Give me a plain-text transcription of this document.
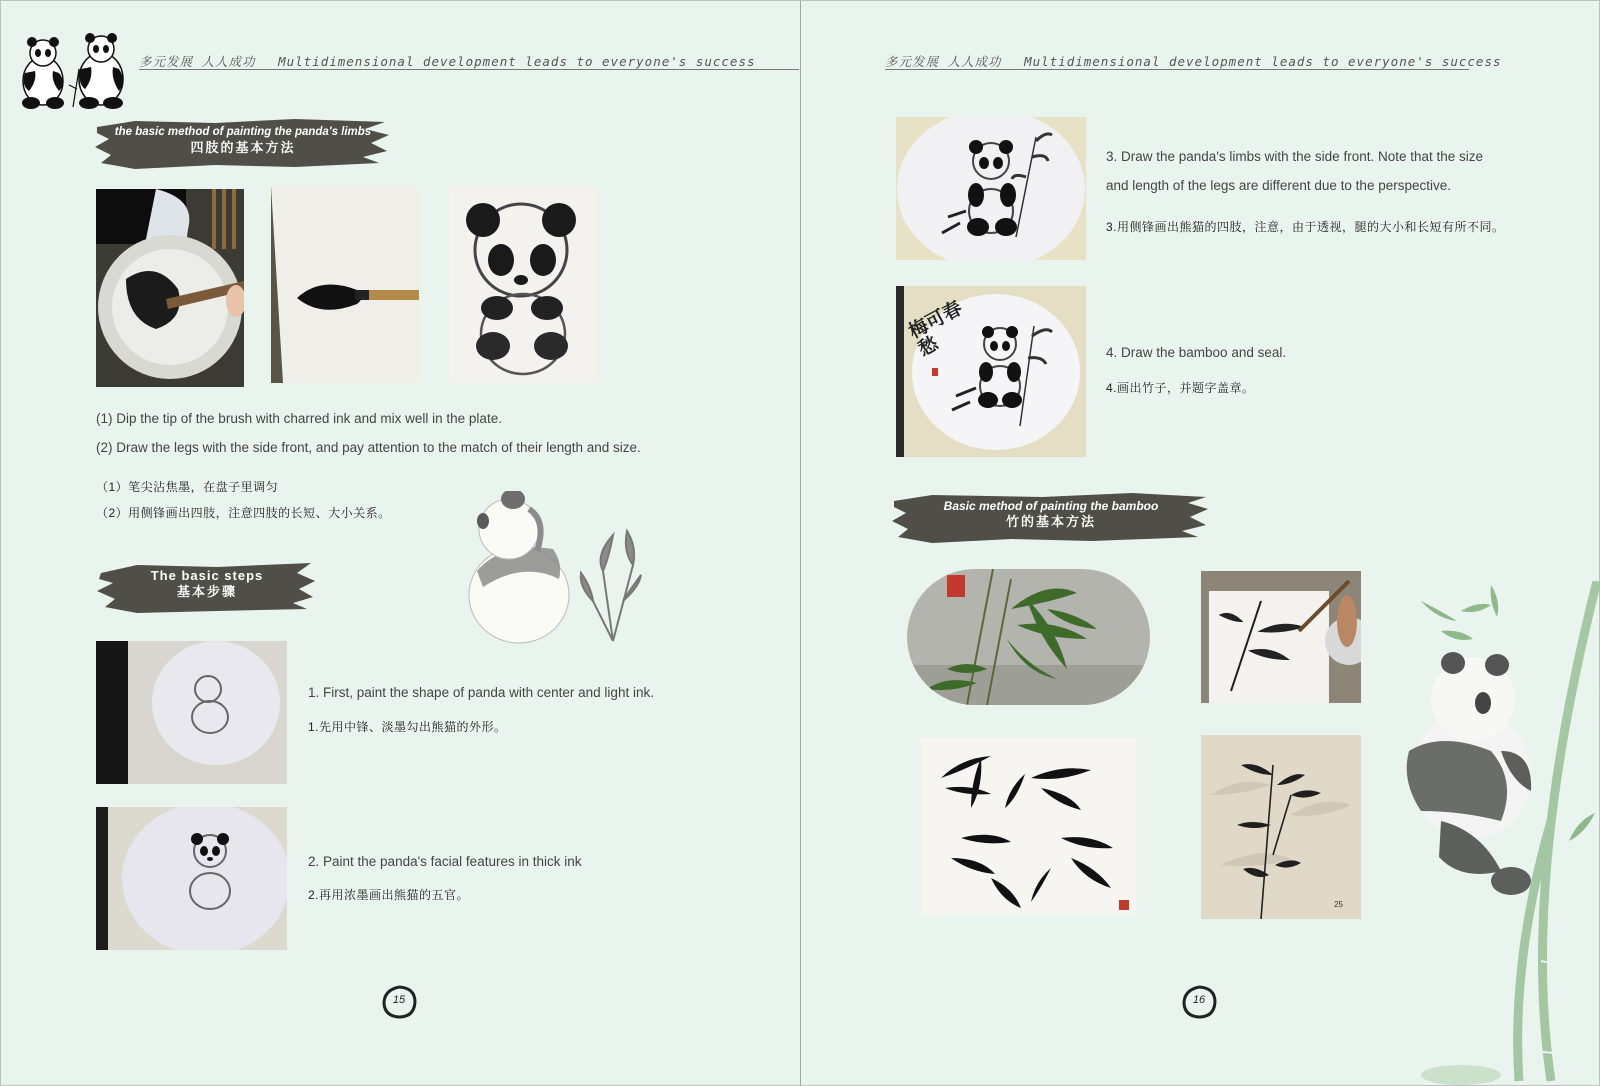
多元发展 人人成功 Multidimensional development leads to everyone's success	多元发展 人人成功 Multidimensional development leads to everyone's success
the basic method of painting the panda's limbs
四肢的基本方法
(1) Dip the tip of the brush with charred ink and mix well in the plate.
(2) Draw the legs with the side front, and pay attention to the match of their length and size.
（1）笔尖沾焦墨，在盘子里调匀
（2）用侧锋画出四肢，注意四肢的长短、大小关系。
The basic steps
基本步骤
1. First, paint the shape of panda with center and light ink.
1.先用中锋、淡墨勾出熊猫的外形。
2. Paint the panda's facial features in thick ink
2.再用浓墨画出熊猫的五官。
15
3. Draw the panda's limbs with the side front. Note that the size and length of the legs are different due to the perspective.
3.用侧锋画出熊猫的四肢，注意，由于透视，腿的大小和长短有所不同。
梅可春愁	4. Draw the bamboo and seal.
4.画出竹子，并题字盖章。
Basic method of painting the bamboo
竹的基本方法
25
16
